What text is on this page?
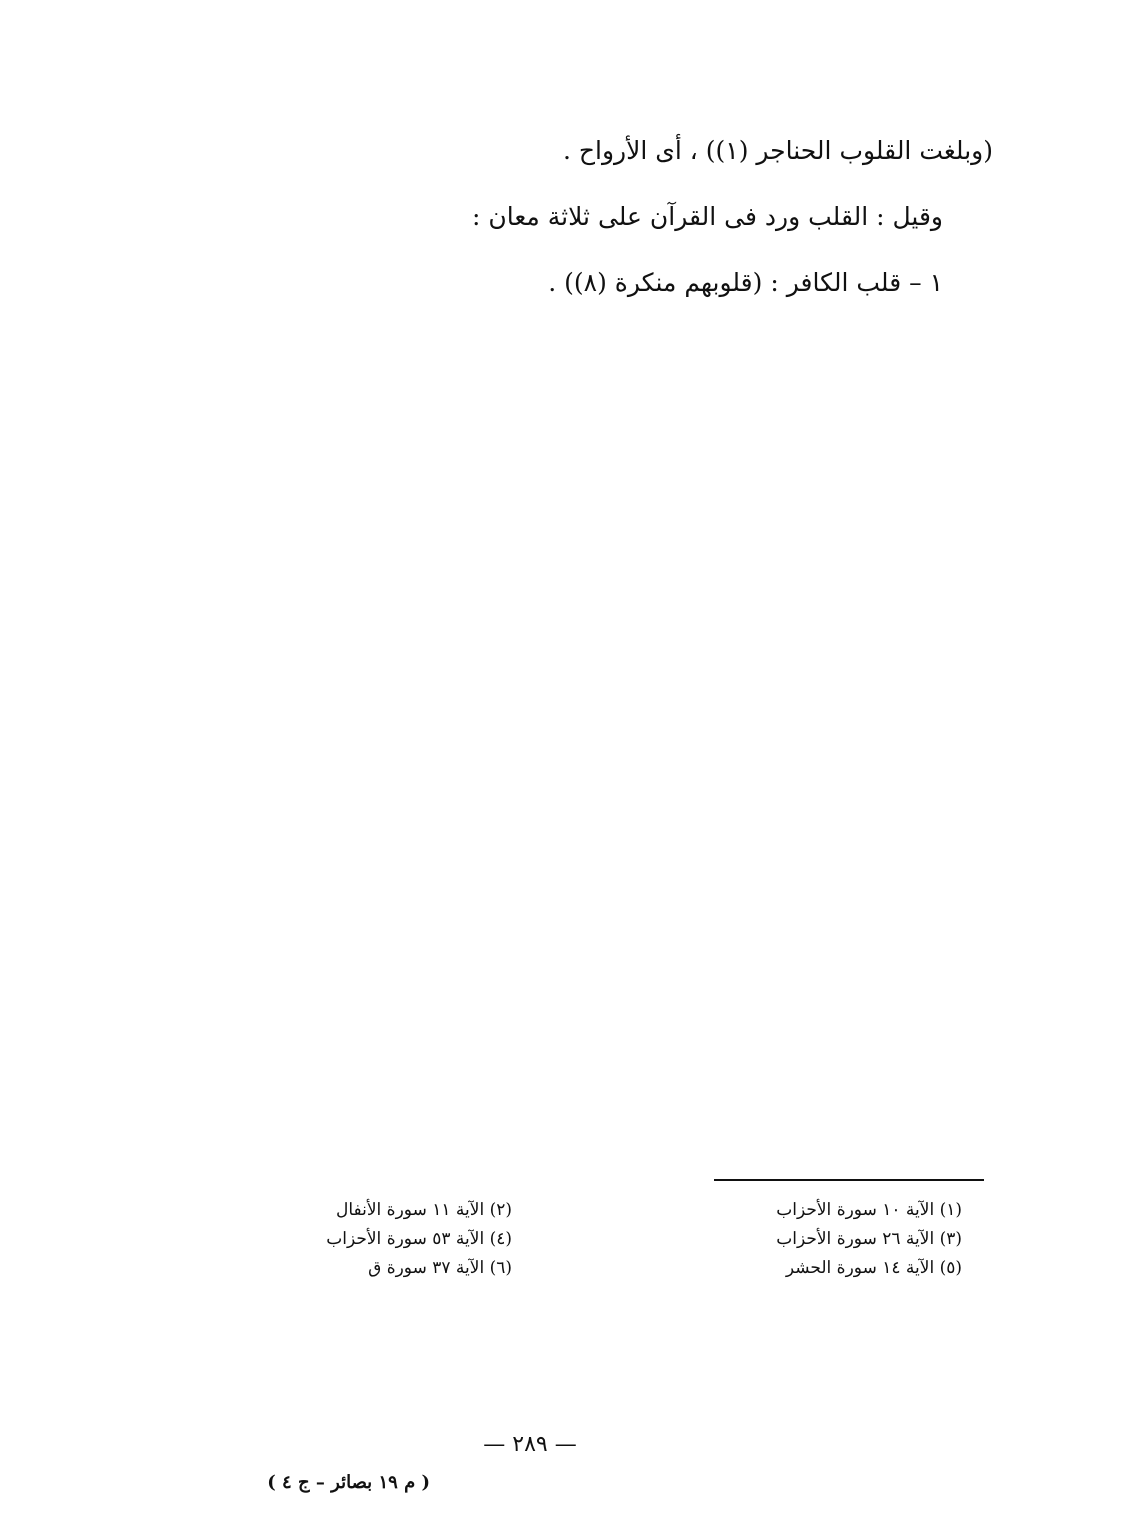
(وبلغت القلوب الحناجر (١)) ، أى الأرواح .

وقيل : القلب ورد فى القرآن على ثلاثة معان :

١ – قلب الكافر : (قلوبهم منكرة (٨)) .

(١) الآية ١٠ سورة الأحزاب
(٣) الآية ٢٦ سورة الأحزاب
(٥) الآية ١٤ سورة الحشر
(٢) الآية ١١ سورة الأنفال
(٤) الآية ٥٣ سورة الأحزاب
(٦) الآية ٣٧ سورة ق
— ٢٨٩ —
( م ١٩ بصائر – ج ٤ )
